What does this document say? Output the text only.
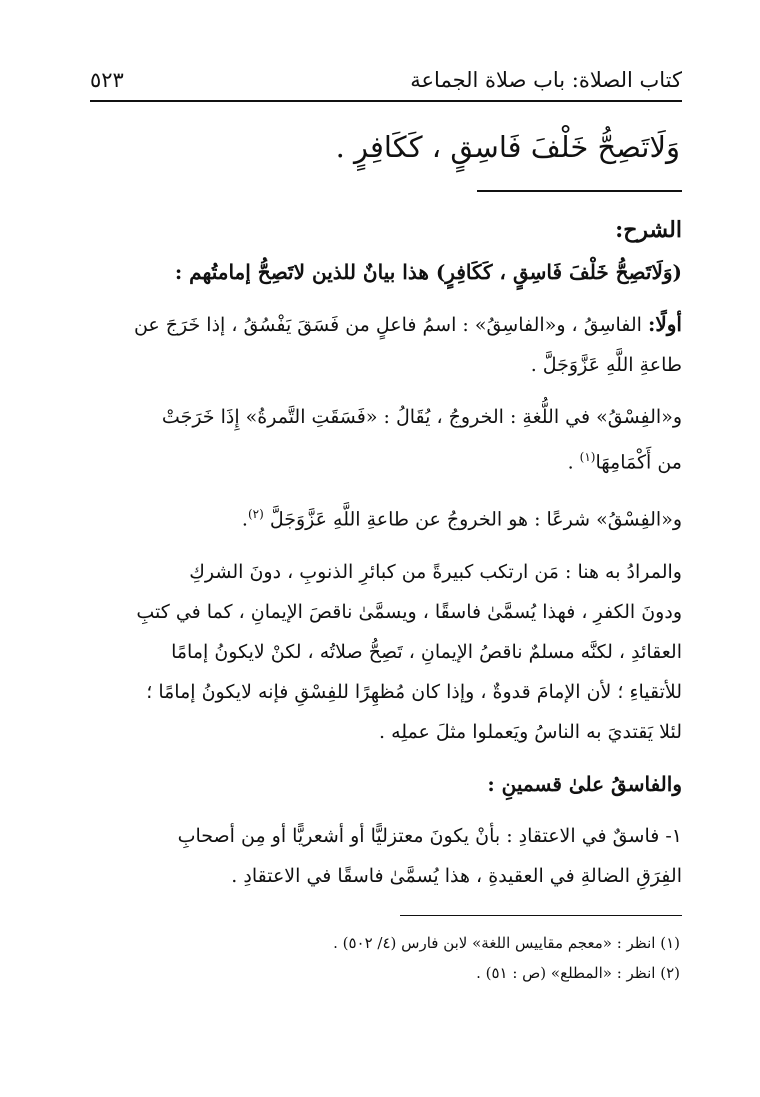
كتاب الصلاة: باب صلاة الجماعة
٥٢٣
وَلَاتَصِحُّ خَلْفَ فَاسِقٍ ، كَكَافِرٍ .

الشرح:

(وَلَاتَصِحُّ خَلْفَ فَاسِقٍ ، كَكَافِرٍ) هذا بيانٌ للذين لاتَصِحُّ إمامتُهم :

أولًا: الفاسِقُ ، و«الفاسِقُ» : اسمُ فاعلٍ من فَسَقَ يَفْسُقُ ، إذا خَرَجَ عن

طاعةِ اللَّهِ عَزَّوَجَلَّ .

و«الفِسْقُ» في اللُّغةِ : الخروجُ ، يُقَالُ : «فَسَقَتِ التَّمرةُ» إِذَا خَرَجَتْ

من أَكْمَامِهَا$^{(١)}$ .

و«الفِسْقُ» شرعًا : هو الخروجُ عن طاعةِ اللَّهِ عَزَّوَجَلَّ $^{(٢)}$.

والمرادُ به هنا : مَن ارتكب كبيرةً من كبائرِ الذنوبِ ، دونَ الشركِ

ودونَ الكفرِ ، فهذا يُسمَّىٰ فاسقًا ، ويسمَّىٰ ناقصَ الإيمانِ ، كما في كتبِ

العقائدِ ، لكنَّه مسلمٌ ناقصُ الإيمانِ ، تَصِحُّ صلاتُه ، لكنْ لايكونُ إمامًا

للأتقياءِ ؛ لأن الإمامَ قدوةٌ ، وإذا كان مُظهِرًا للفِسْقِ فإنه لايكونُ إمامًا ؛

لئلا يَقتديَ به الناسُ ويَعملوا مثلَ عملِه .

والفاسقُ علىٰ قسمينِ :

١- فاسقٌ في الاعتقادِ : بأنْ يكونَ معتزليًّا أو أشعريًّا أو مِن أصحابِ

الفِرَقِ الضالةِ في العقيدةِ ، هذا يُسمَّىٰ فاسقًا في الاعتقادِ .

(١) انظر : «معجم مقاييس اللغة» لابن فارس (٤/ ٥٠٢) .

(٢) انظر : «المطلع» (ص : ٥١) .
